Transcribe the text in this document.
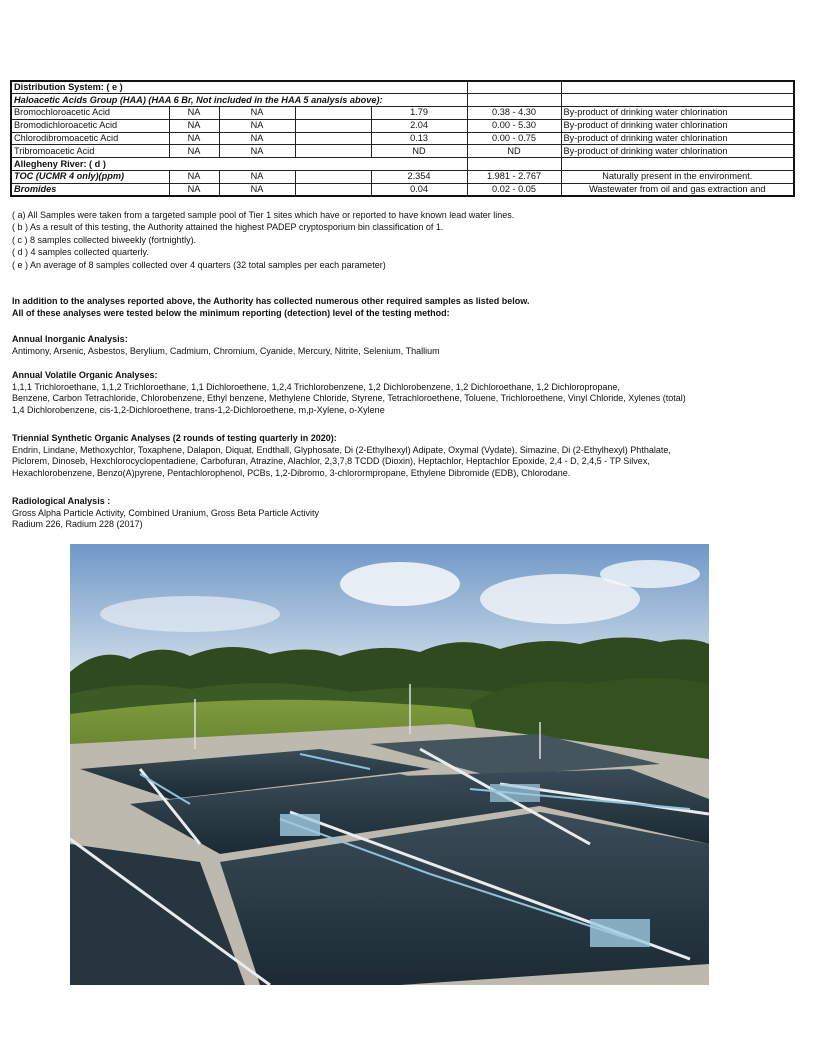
Distribution System: ( e )						
Haloacetic Acids Group (HAA) (HAA 6 Br, Not included in the HAA 5 analysis above):						
Bromochloroacetic Acid	NA	NA		1.79	0.38 - 4.30	By-product of drinking water chlorination
Bromodichloroacetic Acid	NA	NA		2.04	0.00 - 5.30	By-product of drinking water chlorination
Chlorodibromoacetic Acid	NA	NA		0.13	0.00 - 0.75	By-product of drinking water chlorination
Tribromoacetic Acid	NA	NA		ND	ND	By-product of drinking water chlorination
Allegheny River: ( d )						
TOC (UCMR 4 only)(ppm)	NA	NA		2.354	1.981 - 2.767	Naturally present in the environment.
Bromides	NA	NA		0.04	0.02 - 0.05	Wastewater from oil and gas extraction and
( a) All Samples were taken from a targeted sample pool of Tier 1 sites which have or reported to have known lead water lines.
( b ) As a result of this testing, the Authority attained the highest PADEP cryptosporium bin classification of 1.
( c ) 8 samples collected biweekly (fortnightly).
( d ) 4 samples collected quarterly.
( e ) An average of 8 samples collected over 4 quarters (32 total samples per each parameter)
In addition to the analyses reported above, the Authority has collected numerous other required samples as listed below.
All of these analyses were tested below the minimum reporting (detection) level of the testing method:
Annual Inorganic Analysis:
Antimony, Arsenic, Asbestos, Berylium, Cadmium, Chromium, Cyanide, Mercury, Nitrite, Selenium, Thallium
Annual Volatile Organic Analyses:
1,1,1 Trichloroethane, 1,1,2 Trichloroethane, 1,1 Dichloroethene, 1,2,4 Trichlorobenzene, 1,2 Dichlorobenzene, 1,2 Dichloroethane, 1,2 Dichloropropane,
Benzene, Carbon Tetrachloride, Chlorobenzene, Ethyl benzene, Methylene Chloride, Styrene, Tetrachloroethene, Toluene, Trichloroethene, Vinyl Chloride, Xylenes (total)
1,4 Dichlorobenzene, cis-1,2-Dichloroethene, trans-1,2-Dichloroethene, m,p-Xylene, o-Xylene
Triennial Synthetic Organic Analyses (2 rounds of testing quarterly in 2020):
Endrin, Lindane, Methoxychlor, Toxaphene, Dalapon, Diquat, Endthall, Glyphosate, Di (2-Ethylhexyl) Adipate, Oxymal (Vydate), Simazine, Di (2-Ethylhexyl) Phthalate,
Piclorem, Dinoseb, Hexchlorocyclopentadiene, Carbofuran, Atrazine, Alachlor, 2,3,7,8 TCDD (Dioxin), Heptachlor, Heptachlor Epoxide, 2,4 - D, 2,4,5 - TP Silvex,
Hexachlorobenzene, Benzo(A)pyrene, Pentachlorophenol, PCBs, 1,2-Dibromo, 3-chlorormpropane, Ethylene Dibromide (EDB), Chlorodane.
Radiological Analysis :
Gross Alpha Particle Activity, Combined Uranium, Gross Beta Particle Activity
Radium 226, Radium 228 (2017)
